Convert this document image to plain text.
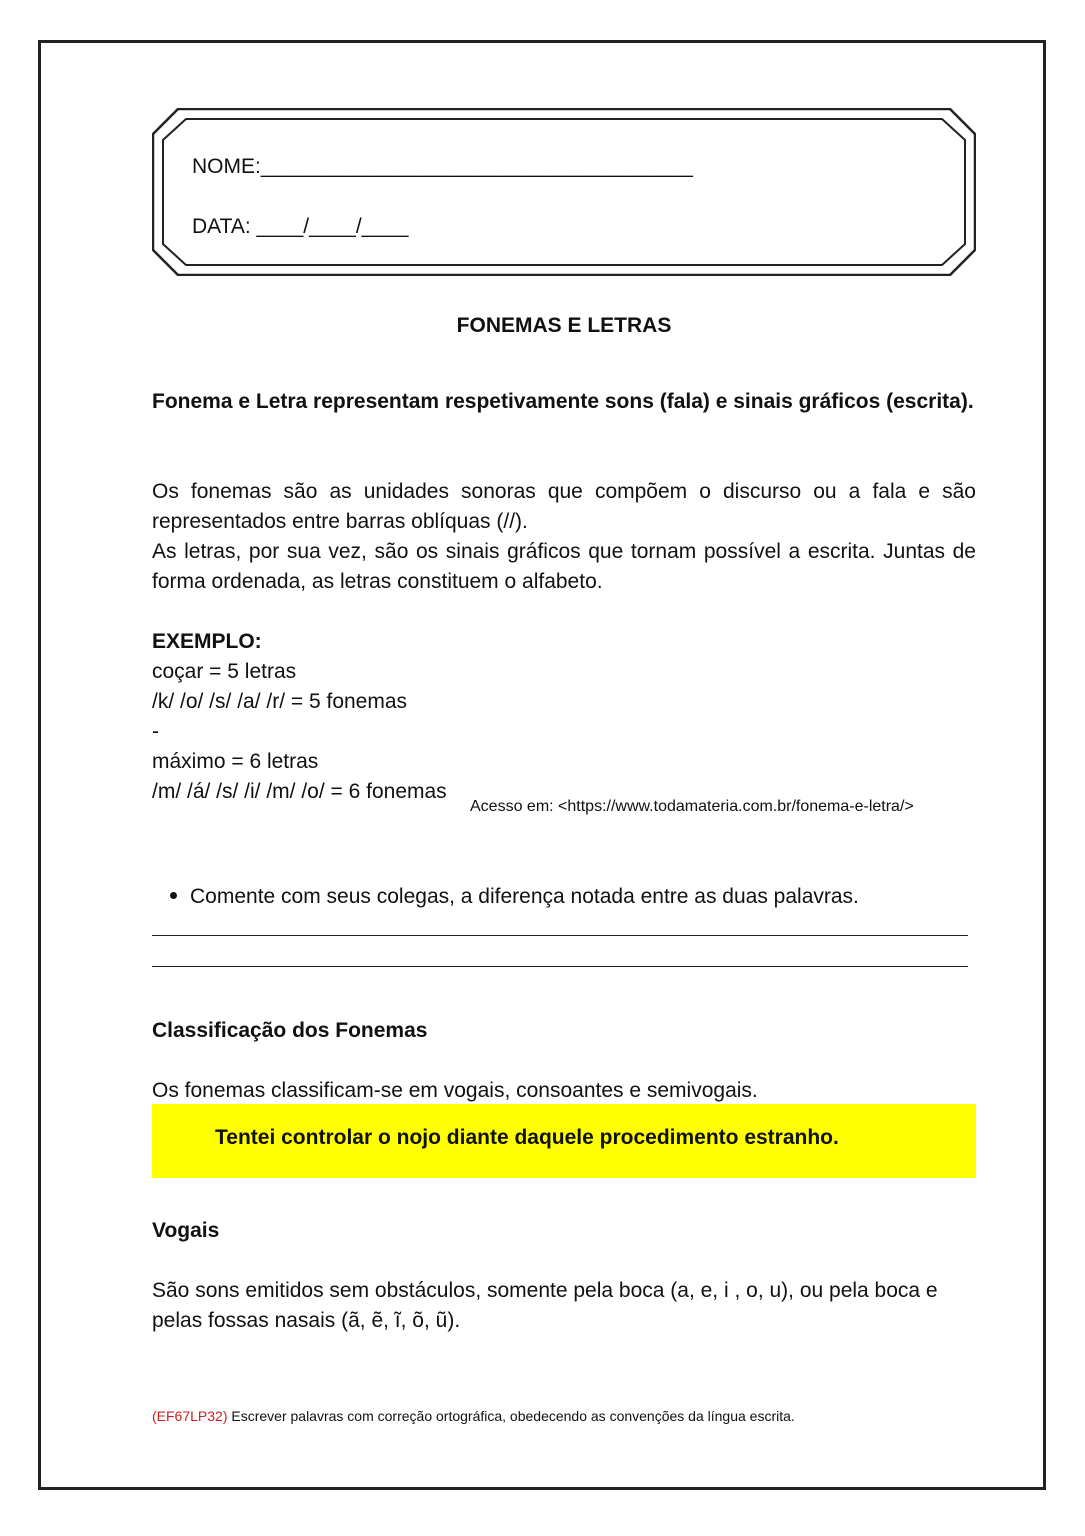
NOME:_____________________________________
DATA: ____/____/____
FONEMAS E LETRAS
Fonema e Letra representam respetivamente sons (fala) e sinais gráficos (escrita).
Os fonemas são as unidades sonoras que compõem o discurso ou a fala e são representados entre barras oblíquas (//).
As letras, por sua vez, são os sinais gráficos que tornam possível a escrita. Juntas de forma ordenada, as letras constituem o alfabeto.
EXEMPLO:
coçar = 5 letras
/k/ /o/ /s/ /a/ /r/ = 5 fonemas
-
máximo = 6 letras
/m/ /á/ /s/ /i/ /m/ /o/ = 6 fonemas
Acesso em: <https://www.todamateria.com.br/fonema-e-letra/>
Comente com seus colegas, a diferença notada entre as duas palavras.
Classificação dos Fonemas
Os fonemas classificam-se em vogais, consoantes e semivogais.
Tentei controlar o nojo diante daquele procedimento estranho.
Vogais
São sons emitidos sem obstáculos, somente pela boca (a, e, i , o, u), ou pela boca e pelas fossas nasais (ã, ẽ, ĩ, õ, ũ).
(EF67LP32) Escrever palavras com correção ortográfica, obedecendo as convenções da língua escrita.
